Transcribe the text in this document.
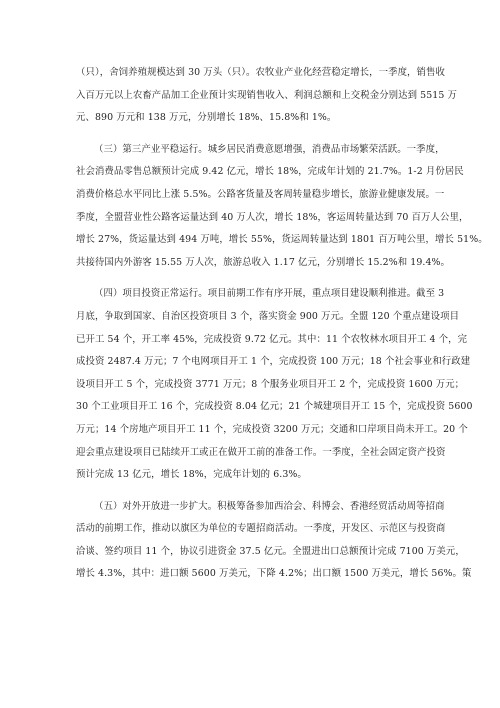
（只），舍饲养殖规模达到 30 万头（只）。农牧业产业化经营稳定增长，一季度，销售收
入百万元以上农畜产品加工企业预计实现销售收入、利润总额和上交税金分别达到 5515 万
元、890 万元和 138 万元，分别增长 18%、15.8%和 1%。
（三）第三产业平稳运行。城乡居民消费意愿增强，消费品市场繁荣活跃。一季度，
社会消费品零售总额预计完成 9.42 亿元，增长 18%，完成年计划的 21.7%。1-2 月份居民
消费价格总水平同比上涨 5.5%。公路客货量及客周转量稳步增长，旅游业健康发展。一
季度，全盟营业性公路客运量达到 40 万人次，增长 18%，客运周转量达到 70 百万人公里，
增长 27%，货运量达到 494 万吨，增长 55%，货运周转量达到 1801 百万吨公里，增长 51%。
共接待国内外游客 15.55 万人次，旅游总收入 1.17 亿元，分别增长 15.2%和 19.4%。
（四）项目投资正常运行。项目前期工作有序开展，重点项目建设顺利推进。截至 3
月底，争取到国家、自治区投资项目 3 个，落实资金 900 万元。全盟 120 个重点建设项目
已开工 54 个，开工率 45%，完成投资 9.72 亿元。其中：11 个农牧林水项目开工 4 个，完
成投资 2487.4 万元；7 个电网项目开工 1 个，完成投资 100 万元；18 个社会事业和行政建
设项目开工 5 个，完成投资 3771 万元；8 个服务业项目开工 2 个，完成投资 1600 万元；
30 个工业项目开工 16 个，完成投资 8.04 亿元；21 个城建项目开工 15 个，完成投资 5600
万元；14 个房地产项目开工 11 个，完成投资 3200 万元；交通和口岸项目尚未开工。20 个
迎会重点建设项目已陆续开工或正在做开工前的准备工作。一季度，全社会固定资产投资
预计完成 13 亿元，增长 18%，完成年计划的 6.3%。
（五）对外开放进一步扩大。积极筹备参加西洽会、科博会、香港经贸活动周等招商
活动的前期工作，推动以旗区为单位的专题招商活动。一季度，开发区、示范区与投资商
洽谈、签约项目 11 个，协议引进资金 37.5 亿元。全盟进出口总额预计完成 7100 万美元，
增长 4.3%，其中：进口额 5600 万美元，下降 4.2%；出口额 1500 万美元，增长 56%。策
